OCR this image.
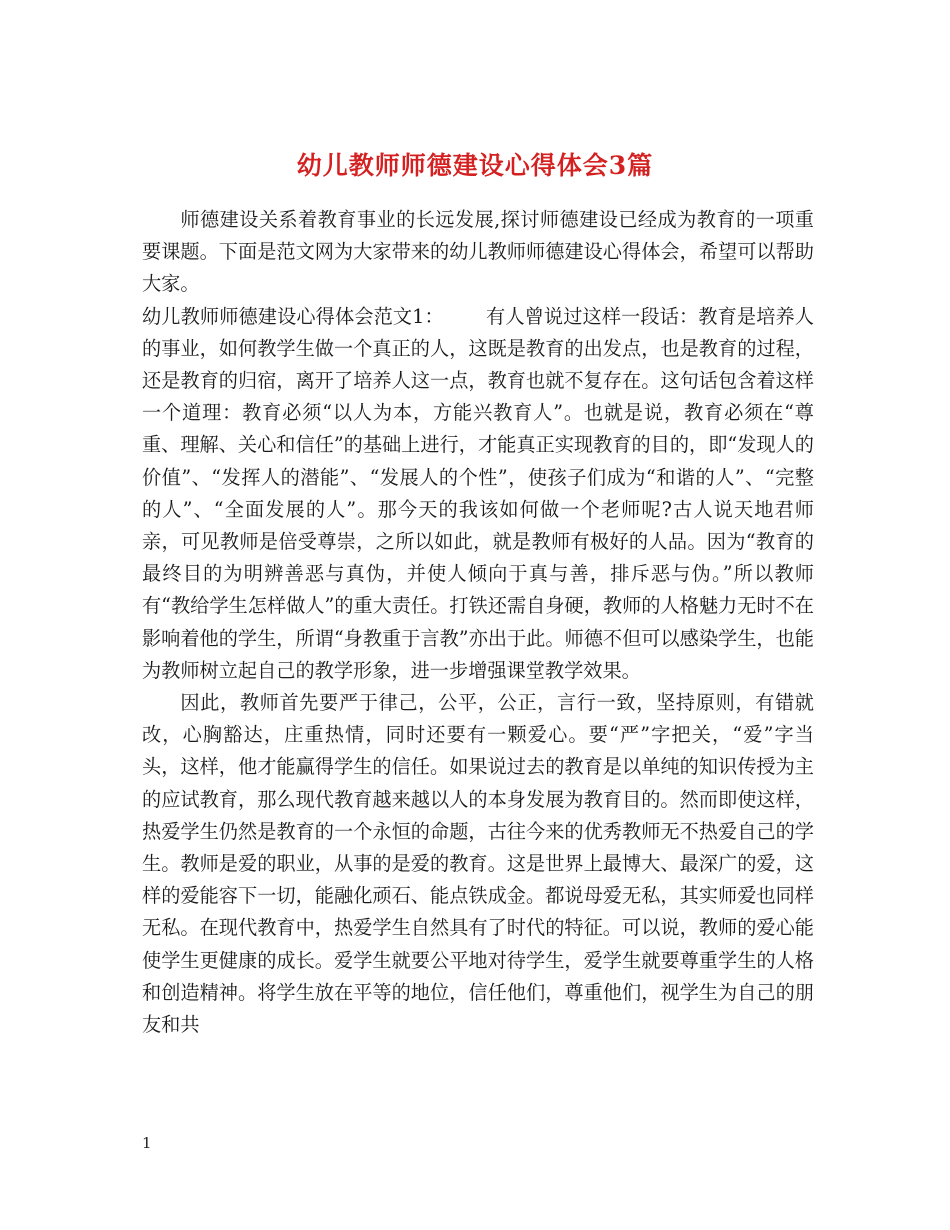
幼儿教师师德建设心得体会3篇

师德建设关系着教育事业的长远发展,探讨师德建设已经成为教育的一项重要课题。下面是范文网为大家带来的幼儿教师师德建设心得体会，希望可以帮助大家。

幼儿教师师德建设心得体会范文1： 有人曾说过这样一段话：教育是培养人的事业，如何教学生做一个真正的人，这既是教育的出发点，也是教育的过程，还是教育的归宿，离开了培养人这一点，教育也就不复存在。这句话包含着这样一个道理：教育必须“以人为本，方能兴教育人”。也就是说，教育必须在“尊重、理解、关心和信任”的基础上进行，才能真正实现教育的目的，即“发现人的价值”、“发挥人的潜能”、“发展人的个性”，使孩子们成为“和谐的人”、“完整的人”、“全面发展的人”。那今天的我该如何做一个老师呢?古人说天地君师亲，可见教师是倍受尊崇，之所以如此，就是教师有极好的人品。因为“教育的最终目的为明辨善恶与真伪，并使人倾向于真与善，排斥恶与伪。”所以教师有“教给学生怎样做人”的重大责任。打铁还需自身硬，教师的人格魅力无时不在影响着他的学生，所谓“身教重于言教”亦出于此。师德不但可以感染学生，也能为教师树立起自己的教学形象，进一步增强课堂教学效果。

因此，教师首先要严于律己，公平，公正，言行一致，坚持原则，有错就改，心胸豁达，庄重热情，同时还要有一颗爱心。要“严”字把关，“爱”字当头，这样，他才能赢得学生的信任。如果说过去的教育是以单纯的知识传授为主的应试教育，那么现代教育越来越以人的本身发展为教育目的。然而即使这样，热爱学生仍然是教育的一个永恒的命题，古往今来的优秀教师无不热爱自己的学生。教师是爱的职业，从事的是爱的教育。这是世界上最博大、最深广的爱，这样的爱能容下一切，能融化顽石、能点铁成金。都说母爱无私，其实师爱也同样无私。在现代教育中，热爱学生自然具有了时代的特征。可以说，教师的爱心能使学生更健康的成长。爱学生就要公平地对待学生，爱学生就要尊重学生的人格和创造精神。将学生放在平等的地位，信任他们，尊重他们，视学生为自己的朋友和共

1
